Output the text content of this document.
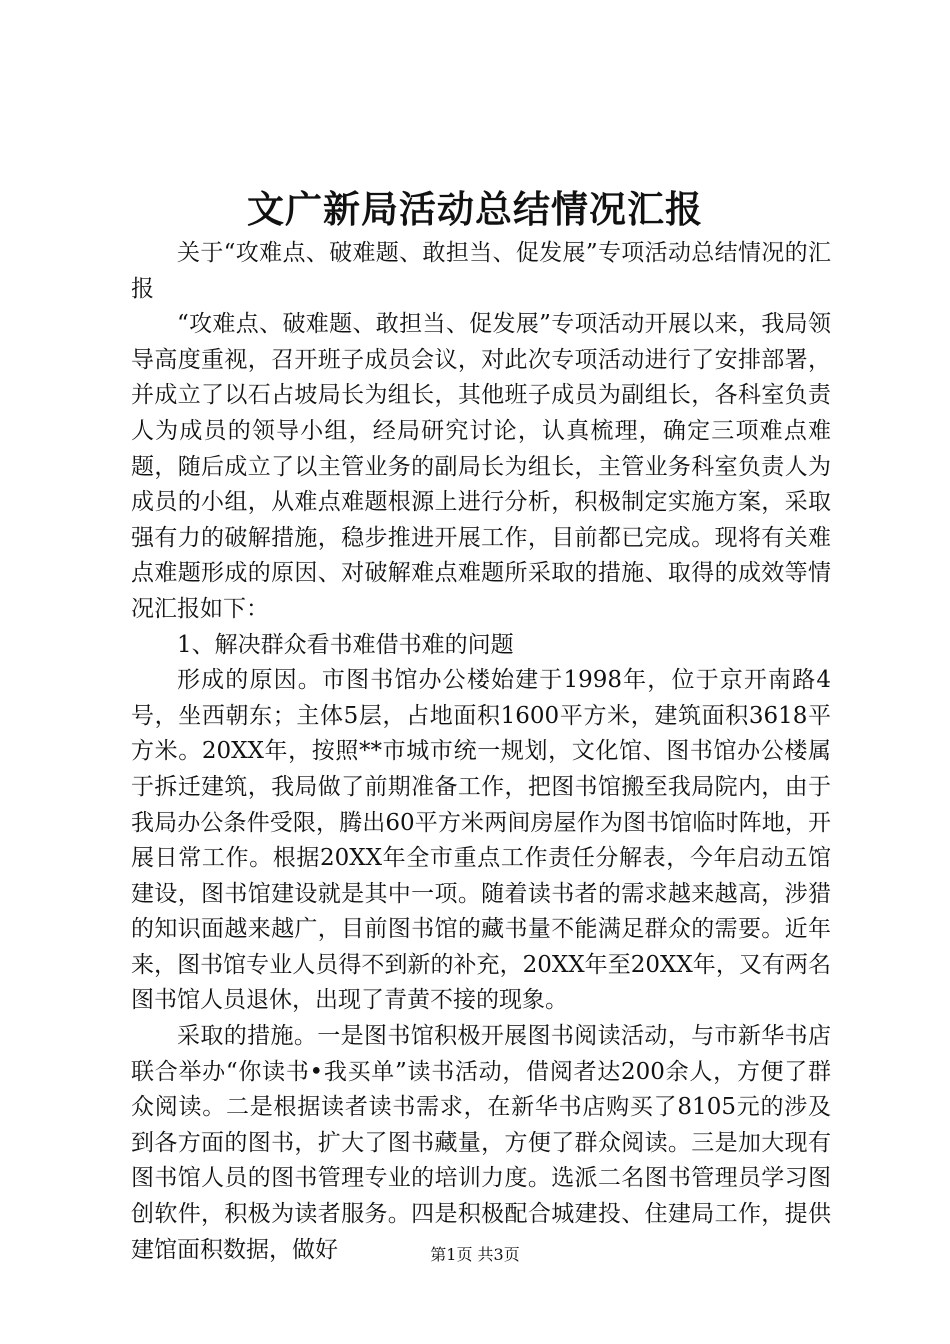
文广新局活动总结情况汇报

关于“攻难点、破难题、敢担当、促发展”专项活动总结情况的汇报

“攻难点、破难题、敢担当、促发展”专项活动开展以来，我局领导高度重视，召开班子成员会议，对此次专项活动进行了安排部署，并成立了以石占坡局长为组长，其他班子成员为副组长，各科室负责人为成员的领导小组，经局研究讨论，认真梳理，确定三项难点难题，随后成立了以主管业务的副局长为组长，主管业务科室负责人为成员的小组，从难点难题根源上进行分析，积极制定实施方案，采取强有力的破解措施，稳步推进开展工作，目前都已完成。现将有关难点难题形成的原因、对破解难点难题所采取的措施、取得的成效等情况汇报如下：

1、解决群众看书难借书难的问题

形成的原因。市图书馆办公楼始建于1998年，位于京开南路4号，坐西朝东；主体5层，占地面积1600平方米，建筑面积3618平方米。20XX年，按照**市城市统一规划，文化馆、图书馆办公楼属于拆迁建筑，我局做了前期准备工作，把图书馆搬至我局院内，由于我局办公条件受限，腾出60平方米两间房屋作为图书馆临时阵地，开展日常工作。根据20XX年全市重点工作责任分解表，今年启动五馆建设，图书馆建设就是其中一项。随着读书者的需求越来越高，涉猎的知识面越来越广，目前图书馆的藏书量不能满足群众的需要。近年来，图书馆专业人员得不到新的补充，20XX年至20XX年，又有两名图书馆人员退休，出现了青黄不接的现象。

采取的措施。一是图书馆积极开展图书阅读活动，与市新华书店联合举办“你读书•我买单”读书活动，借阅者达200余人，方便了群众阅读。二是根据读者读书需求，在新华书店购买了8105元的涉及到各方面的图书，扩大了图书藏量，方便了群众阅读。三是加大现有图书馆人员的图书管理专业的培训力度。选派二名图书管理员学习图创软件，积极为读者服务。四是积极配合城建投、住建局工作，提供建馆面积数据，做好	第1页 共3页
